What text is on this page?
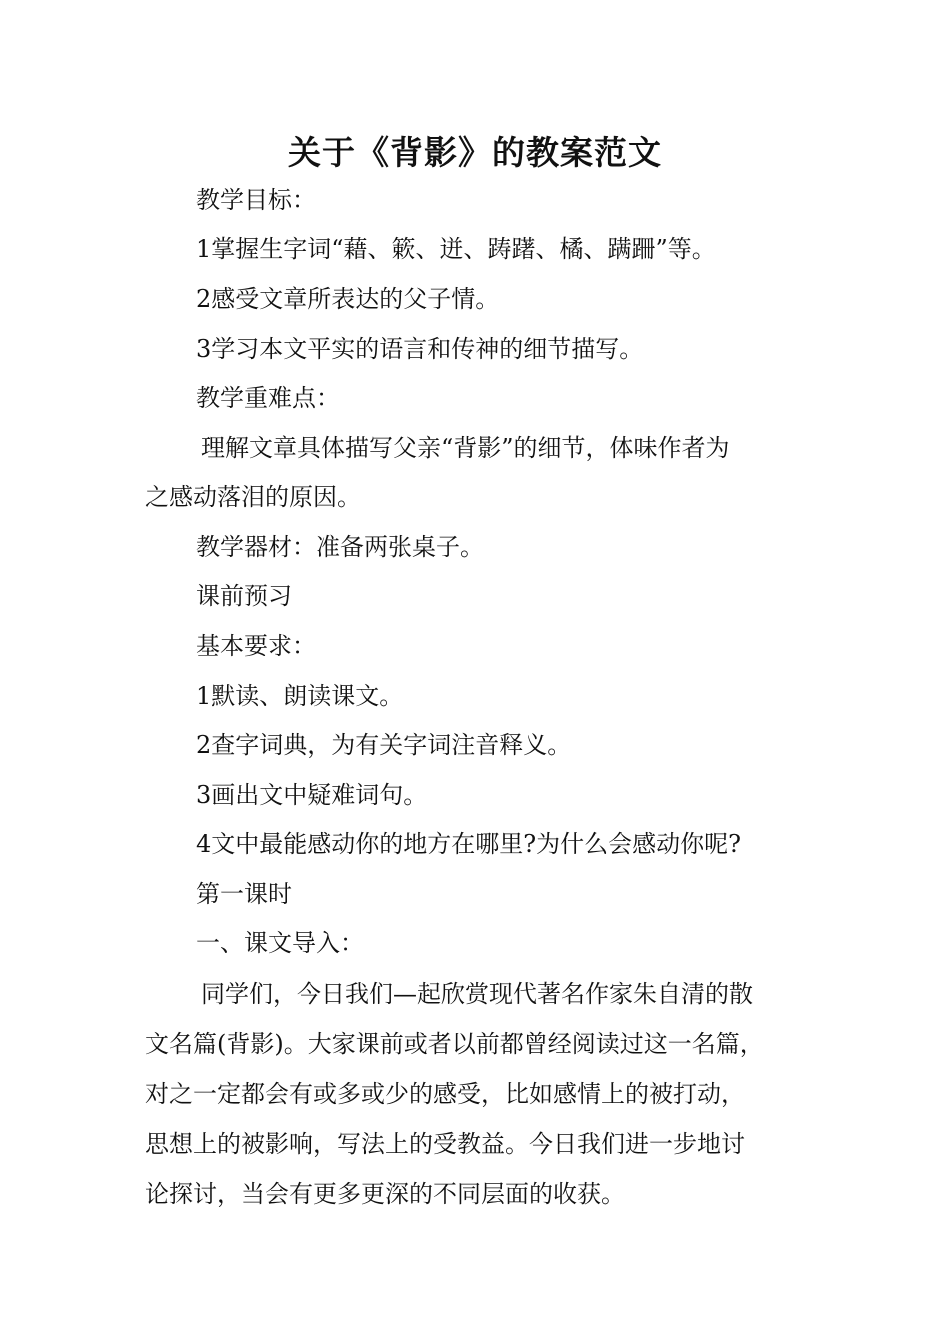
关于《背影》的教案范文
教学目标：
1掌握生字词“藉、簌、迸、踌躇、橘、蹒跚”等。
2感受文章所表达的父子情。
3学习本文平实的语言和传神的细节描写。
教学重难点：
理解文章具体描写父亲“背影”的细节，体味作者为
之感动落泪的原因。
教学器材：准备两张桌子。
课前预习
基本要求：
1默读、朗读课文。
2查字词典，为有关字词注音释义。
3画出文中疑难词句。
4文中最能感动你的地方在哪里?为什么会感动你呢?
第一课时
一、课文导入：
同学们，今日我们—起欣赏现代著名作家朱自清的散
文名篇(背影)。大家课前或者以前都曾经阅读过这一名篇，
对之一定都会有或多或少的感受，比如感情上的被打动，
思想上的被影响，写法上的受教益。今日我们进一步地讨
论探讨，当会有更多更深的不同层面的收获。
